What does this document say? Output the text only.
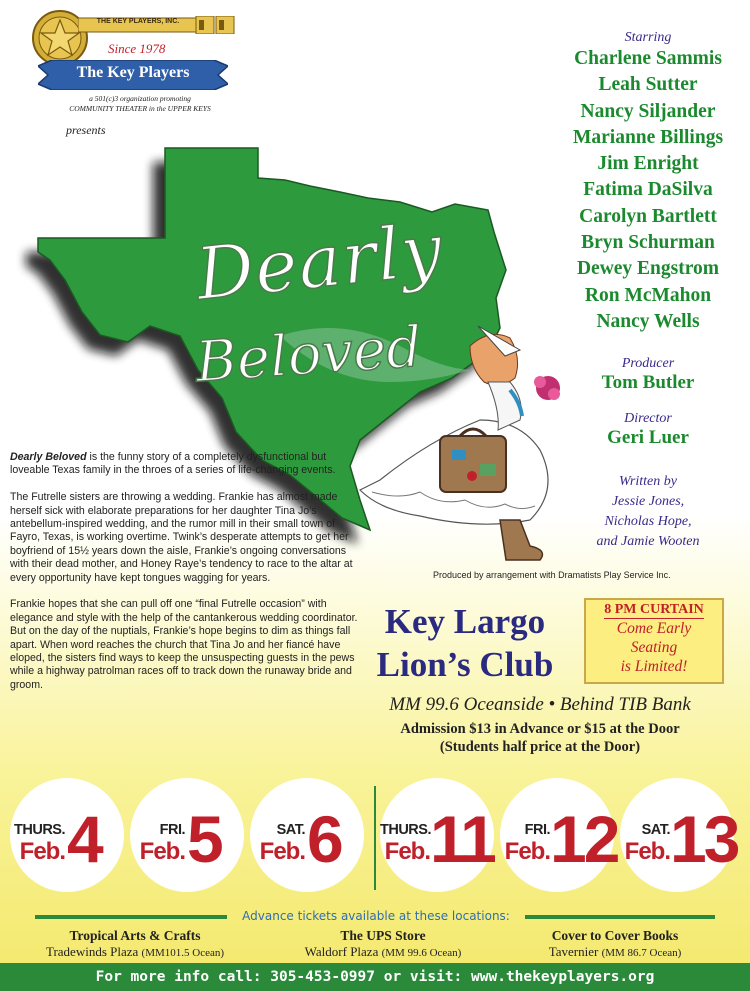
THE KEY PLAYERS, INC.
Since 1978
The Key Players
a 501(c)3 organization promoting
COMMUNITY THEATER in the UPPER KEYS
presents
Dearly
Beloved
Starring
Charlene Sammis
Leah Sutter
Nancy Siljander
Marianne Billings
Jim Enright
Fatima DaSilva
Carolyn Bartlett
Bryn Schurman
Dewey Engstrom
Ron McMahon
Nancy Wells
Producer
Tom Butler
Director
Geri Luer
Written by
Jessie Jones,
Nicholas Hope,
and Jamie Wooten
Produced by arrangement with Dramatists Play Service Inc.

Dearly Beloved is the funny story of a completely dysfunctional but loveable Texas family in the throes of a series of life-changing events.

The Futrelle sisters are throwing a wedding. Frankie has almost made herself sick with elaborate preparations for her daughter Tina Jo’s antebellum-inspired wedding, and the rumor mill in their small town of Fayro, Texas, is working overtime. Twink’s desperate attempts to get her boyfriend of 15½ years down the aisle, Frankie’s ongoing conversations with their dead mother, and Honey Raye’s tendency to race to the altar at every opportunity have kept tongues wagging for years.

Frankie hopes that she can pull off one “final Futrelle occasion” with elegance and style with the help of the cantankerous wedding coordinator. But on the day of the nuptials, Frankie’s hope begins to dim as things fall apart. When word reaches the church that Tina Jo and her fiancé have eloped, the sisters find ways to keep the unsuspecting guests in the pews while a highway patrolman races off to track down the runaway bride and groom.

Key Largo
Lion’s Club
8 PM CURTAIN
Come Early
Seating
is Limited!
MM 99.6 Oceanside • Behind TIB Bank
Admission $13 in Advance or $15 at the Door
(Students half price at the Door)
THURS.
Feb. 4	FRI.
Feb. 5	SAT.
Feb. 6	THURS.
Feb. 11	FRI.
Feb. 12	SAT.
Feb. 13
Advance tickets available at these locations:
Tropical Arts & Crafts
Tradewinds Plaza (MM101.5 Ocean)
The UPS Store
Waldorf Plaza (MM 99.6 Ocean)
Cover to Cover Books
Tavernier (MM 86.7 Ocean)
For more info call: 305-453-0997 or visit: www.thekeyplayers.org
